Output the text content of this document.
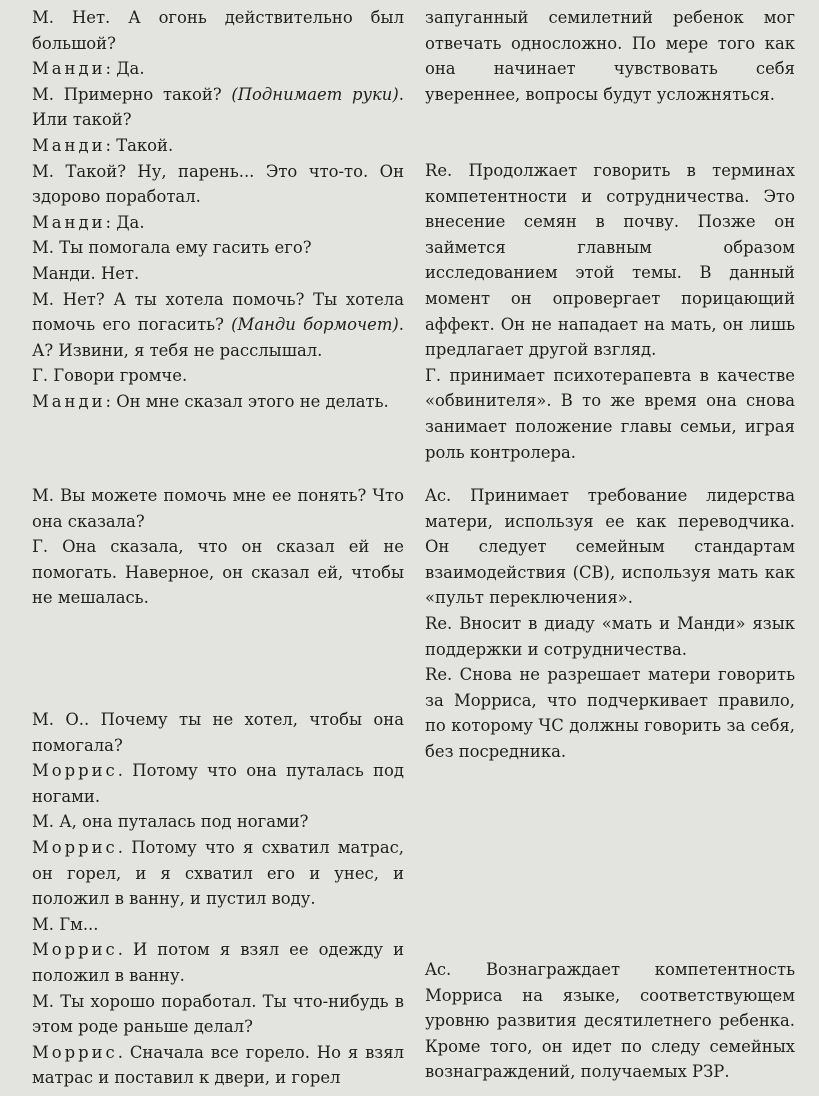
М. Нет. А огонь действительно был большой?

Манди: Да.

М. Примерно такой? (Поднимает руки). Или такой?

Манди: Такой.

М. Такой? Ну, парень... Это что-то. Он здорово поработал.

Манди: Да.

М. Ты помогала ему гасить его?

Манди. Нет.

М. Нет? А ты хотела помочь? Ты хотела помочь его погасить? (Манди бормочет). А? Извини, я тебя не расслышал.

Г. Говори громче.

Манди: Он мне сказал этого не делать.

М. Вы можете помочь мне ее понять? Что она сказала?

Г. Она сказала, что он сказал ей не помогать. Наверное, он сказал ей, чтобы не мешалась.

М. О.. Почему ты не хотел, чтобы она помогала?

Моррис. Потому что она путалась под ногами.

М. А, она путалась под ногами?

Моррис. Потому что я схватил матрас, он горел, и я схватил его и унес, и положил в ванну, и пустил воду.

М. Гм...

Моррис. И потом я взял ее одежду и положил в ванну.

М. Ты хорошо поработал. Ты что-нибудь в этом роде раньше делал?

Моррис. Сначала все горело. Но я взял матрас и поставил к двери, и горел

запуганный семилетний ребенок мог отвечать односложно. По мере того как она начинает чувствовать себя увереннее, вопросы будут усложняться.

Re. Продолжает говорить в терминах компетентности и сотрудничества. Это внесение семян в почву. Позже он займется главным образом исследованием этой темы. В данный момент он опровергает порицающий аффект. Он не нападает на мать, он лишь предлагает другой взгляд.

Г. принимает психотерапевта в качестве «обвинителя». В то же время она снова занимает положение главы семьи, играя роль контролера.

Ac. Принимает требование лидерства матери, используя ее как переводчика. Он следует семейным стандартам взаимодействия (СВ), используя мать как «пульт переключения».

Re. Вносит в диаду «мать и Манди» язык поддержки и сотрудничества.

Re. Снова не разрешает матери говорить за Морриса, что подчеркивает правило, по которому ЧС должны говорить за себя, без посредника.

Ac. Вознаграждает компетентность Морриса на языке, соответствующем уровню развития десятилетнего ребенка. Кроме того, он идет по следу семейных вознаграждений, получаемых РЗР.
